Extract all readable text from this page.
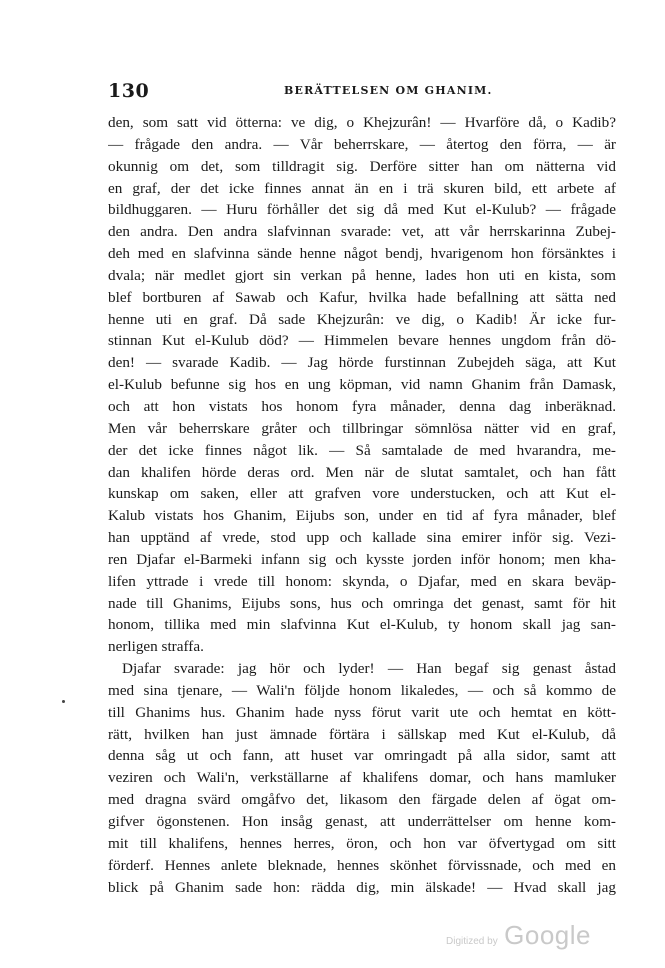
130	BERÄTTELSEN OM GHANIM.
den, som satt vid ötterna: ve dig, o Khejzurân! — Hvarföre då, o Kadib?
— frågade den andra. — Vår beherrskare, — återtog den förra, — är
okunnig om det, som tilldragit sig. Derföre sitter han om nätterna vid
en graf, der det icke finnes annat än en i trä skuren bild, ett arbete af
bildhuggaren. — Huru förhåller det sig då med Kut el-Kulub? — frågade
den andra. Den andra slafvinnan svarade: vet, att vår herrskarinna Zubej-
deh med en slafvinna sände henne något bendj, hvarigenom hon försänktes i
dvala; när medlet gjort sin verkan på henne, lades hon uti en kista, som
blef bortburen af Sawab och Kafur, hvilka hade befallning att sätta ned
henne uti en graf. Då sade Khejzurân: ve dig, o Kadib! Är icke fur-
stinnan Kut el-Kulub död? — Himmelen bevare hennes ungdom från dö-
den! — svarade Kadib. — Jag hörde furstinnan Zubejdeh säga, att Kut
el-Kulub befunne sig hos en ung köpman, vid namn Ghanim från Damask,
och att hon vistats hos honom fyra månader, denna dag inberäknad.
Men vår beherrskare gråter och tillbringar sömnlösa nätter vid en graf,
der det icke finnes något lik. — Så samtalade de med hvarandra, me-
dan khalifen hörde deras ord. Men när de slutat samtalet, och han fått
kunskap om saken, eller att grafven vore understucken, och att Kut el-
Kalub vistats hos Ghanim, Eijubs son, under en tid af fyra månader, blef
han upptänd af vrede, stod upp och kallade sina emirer inför sig. Vezi-
ren Djafar el-Barmeki infann sig och kysste jorden inför honom; men kha-
lifen yttrade i vrede till honom: skynda, o Djafar, med en skara beväp-
nade till Ghanims, Eijubs sons, hus och omringa det genast, samt för hit
honom, tillika med min slafvinna Kut el-Kulub, ty honom skall jag san-
nerligen straffa.
Djafar svarade: jag hör och lyder! — Han begaf sig genast åstad
med sina tjenare, — Wali'n följde honom likaledes, — och så kommo de
till Ghanims hus. Ghanim hade nyss förut varit ute och hemtat en kött-
rätt, hvilken han just ämnade förtära i sällskap med Kut el-Kulub, då
denna såg ut och fann, att huset var omringadt på alla sidor, samt att
veziren och Wali'n, verkställarne af khalifens domar, och hans mamluker
med dragna svärd omgåfvo det, likasom den färgade delen af ögat om-
gifver ögonstenen. Hon insåg genast, att underrättelser om henne kom-
mit till khalifens, hennes herres, öron, och hon var öfvertygad om sitt
förderf. Hennes anlete bleknade, hennes skönhet förvissnade, och med en
blick på Ghanim sade hon: rädda dig, min älskade! — Hvad skall jag
Digitized by Google
